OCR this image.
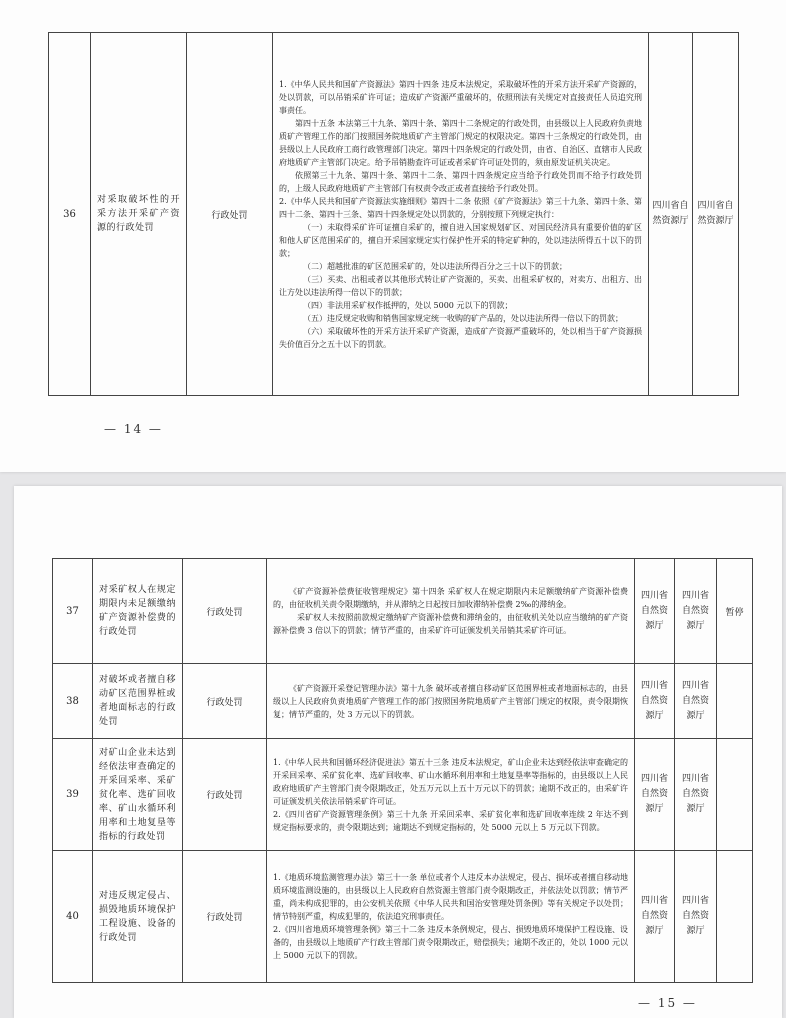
36	对采取破坏性的开采方法开采矿产资源的行政处罚	行政处罚	

1.《中华人民共和国矿产资源法》第四十四条 违反本法规定，采取破坏性的开采方法开采矿产资源的，处以罚款，可以吊销采矿许可证；造成矿产资源严重破坏的，依照刑法有关规定对直接责任人员追究刑事责任。

第四十五条 本法第三十九条、第四十条、第四十二条规定的行政处罚，由县级以上人民政府负责地质矿产管理工作的部门按照国务院地质矿产主管部门规定的权限决定。第四十三条规定的行政处罚，由县级以上人民政府工商行政管理部门决定。第四十四条规定的行政处罚，由省、自治区、直辖市人民政府地质矿产主管部门决定。给予吊销勘查许可证或者采矿许可证处罚的，须由原发证机关决定。

依照第三十九条、第四十条、第四十二条、第四十四条规定应当给予行政处罚而不给予行政处罚的，上级人民政府地质矿产主管部门有权责令改正或者直接给予行政处罚。

2.《中华人民共和国矿产资源法实施细则》第四十二条 依照《矿产资源法》第三十九条、第四十条、第四十二条、第四十三条、第四十四条规定处以罚款的，分别按照下列规定执行：

（一）未取得采矿许可证擅自采矿的，擅自进入国家规划矿区、对国民经济具有重要价值的矿区和他人矿区范围采矿的，擅自开采国家规定实行保护性开采的特定矿种的，处以违法所得五十以下的罚款；

（二）超越批准的矿区范围采矿的，处以违法所得百分之三十以下的罚款；

（三）买卖、出租或者以其他形式转让矿产资源的，买卖、出租采矿权的，对卖方、出租方、出让方处以违法所得一倍以下的罚款；

（四）非法用采矿权作抵押的，处以 5000 元以下的罚款；

（五）违反规定收购和销售国家规定统一收购的矿产品的，处以违法所得一倍以下的罚款；

（六）采取破坏性的开采方法开采矿产资源，造成矿产资源严重破坏的，处以相当于矿产资源损失价值百分之五十以下的罚款。

	四川省自然资源厅	四川省自然资源厅
— 14 —
37	对采矿权人在规定期限内未足额缴纳矿产资源补偿费的行政处罚	行政处罚	《矿产资源补偿费征收管理规定》第十四条 采矿权人在规定期限内未足额缴纳矿产资源补偿费的，由征收机关责令限期缴纳，并从滞纳之日起按日加收滞纳补偿费 2‰的滞纳金。

采矿权人未按照前款规定缴纳矿产资源补偿费和滞纳金的，由征收机关处以应当缴纳的矿产资源补偿费 3 倍以下的罚款；情节严重的，由采矿许可证颁发机关吊销其采矿许可证。	四川省自然资源厅	四川省自然资源厅	暂停
38	对破坏或者擅自移动矿区范围界桩或者地面标志的行政处罚	行政处罚	《矿产资源开采登记管理办法》第十九条 破坏或者擅自移动矿区范围界桩或者地面标志的，由县级以上人民政府负责地质矿产管理工作的部门按照国务院地质矿产主管部门规定的权限，责令限期恢复；情节严重的，处 3 万元以下的罚款。	四川省自然资源厅	四川省自然资源厅	
39	对矿山企业未达到经依法审查确定的开采回采率、采矿贫化率、选矿回收率、矿山水循环利用率和土地复垦等指标的行政处罚	行政处罚	1.《中华人民共和国循环经济促进法》第五十三条 违反本法规定，矿山企业未达到经依法审查确定的开采回采率、采矿贫化率、选矿回收率、矿山水循环利用率和土地复垦率等指标的，由县级以上人民政府地质矿产主管部门责令限期改正，处五万元以上五十万元以下的罚款；逾期不改正的，由采矿许可证颁发机关依法吊销采矿许可证。

2.《四川省矿产资源管理条例》第三十九条 开采回采率、采矿贫化率和选矿回收率连续 2 年达不到规定指标要求的，责令限期达到；逾期达不到规定指标的，处 5000 元以上 5 万元以下罚款。	四川省自然资源厅	四川省自然资源厅	
40	对违反规定侵占、损毁地质环境保护工程设施、设备的行政处罚	行政处罚	1.《地质环境监测管理办法》第三十一条 单位或者个人违反本办法规定，侵占、损坏或者擅自移动地质环境监测设施的，由县级以上人民政府自然资源主管部门责令限期改正，并依法处以罚款；情节严重，尚未构成犯罪的，由公安机关依照《中华人民共和国治安管理处罚条例》等有关规定予以处罚；情节特别严重，构成犯罪的，依法追究刑事责任。

2.《四川省地质环境管理条例》第三十二条 违反本条例规定，侵占、损毁地质环境保护工程设施、设备的，由县级以上地质矿产行政主管部门责令限期改正，赔偿损失；逾期不改正的，处以 1000 元以上 5000 元以下的罚款。	四川省自然资源厅	四川省自然资源厅	
— 15 —
